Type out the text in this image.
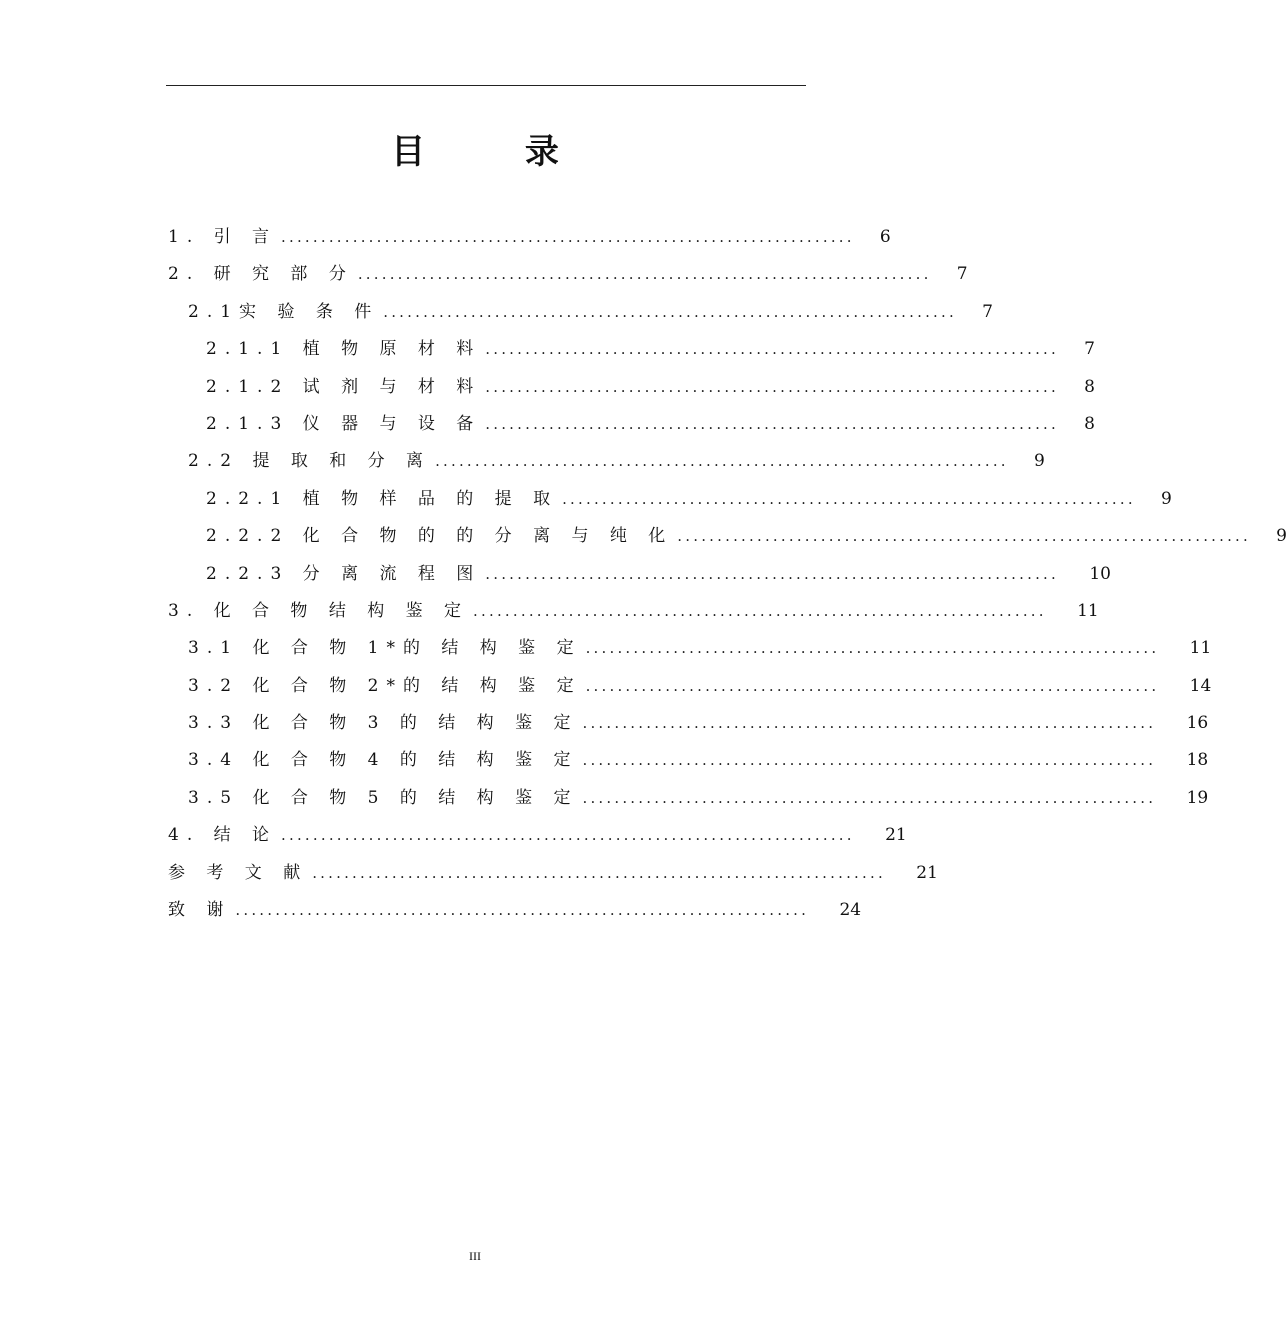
目 录
1. 引 言 ........................................................................	6
2. 研 究 部 分 ........................................................................	7
2.1实 验 条 件 ........................................................................	7
2.1.1 植 物 原 材 料 ........................................................................	7
2.1.2 试 剂 与 材 料 ........................................................................	8
2.1.3 仪 器 与 设 备 ........................................................................	8
2.2 提 取 和 分 离 ........................................................................	9
2.2.1 植 物 样 品 的 提 取 ........................................................................	9
2.2.2 化 合 物 的 的 分 离 与 纯 化 ........................................................................	9
2.2.3 分 离 流 程 图 ........................................................................	10
3. 化 合 物 结 构 鉴 定 ........................................................................	11
3.1 化 合 物 1*的 结 构 鉴 定 ........................................................................	11
3.2 化 合 物 2*的 结 构 鉴 定 ........................................................................	14
3.3 化 合 物 3 的 结 构 鉴 定 ........................................................................	16
3.4 化 合 物 4 的 结 构 鉴 定 ........................................................................	18
3.5 化 合 物 5 的 结 构 鉴 定 ........................................................................	19
4. 结 论 ........................................................................	21
参 考 文 献 ........................................................................	21
致 谢 ........................................................................	24
III
